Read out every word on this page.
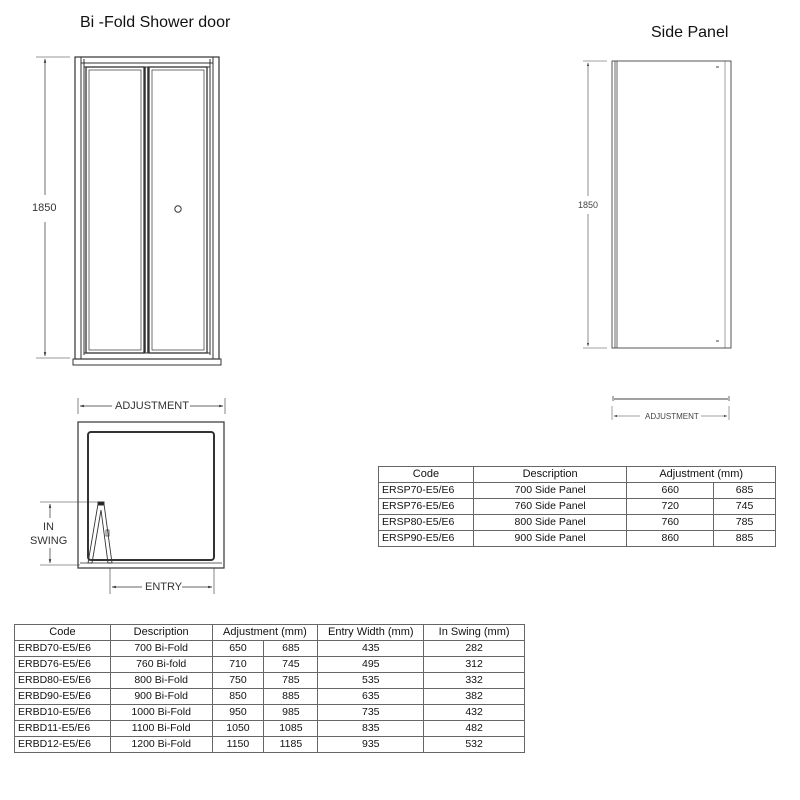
Bi -Fold Shower door
1850
ADJUSTMENT
IN
SWING
ENTRY
Side Panel
1850
ADJUSTMENT
Code	Description	Adjustment (mm)	
ERSP70-E5/E6	700 Side Panel	660	685
ERSP76-E5/E6	760 Side Panel	720	745
ERSP80-E5/E6	800 Side Panel	760	785
ERSP90-E5/E6	900 Side Panel	860	885
Code	Description	Adjustment (mm)		Entry Width (mm)	In Swing (mm)
ERBD70-E5/E6	700 Bi-Fold	650	685	435	282
ERBD76-E5/E6	760 Bi-fold	710	745	495	312
ERBD80-E5/E6	800 Bi-Fold	750	785	535	332
ERBD90-E5/E6	900 Bi-Fold	850	885	635	382
ERBD10-E5/E6	1000 Bi-Fold	950	985	735	432
ERBD11-E5/E6	1100 Bi-Fold	1050	1085	835	482
ERBD12-E5/E6	1200 Bi-Fold	1150	1185	935	532
